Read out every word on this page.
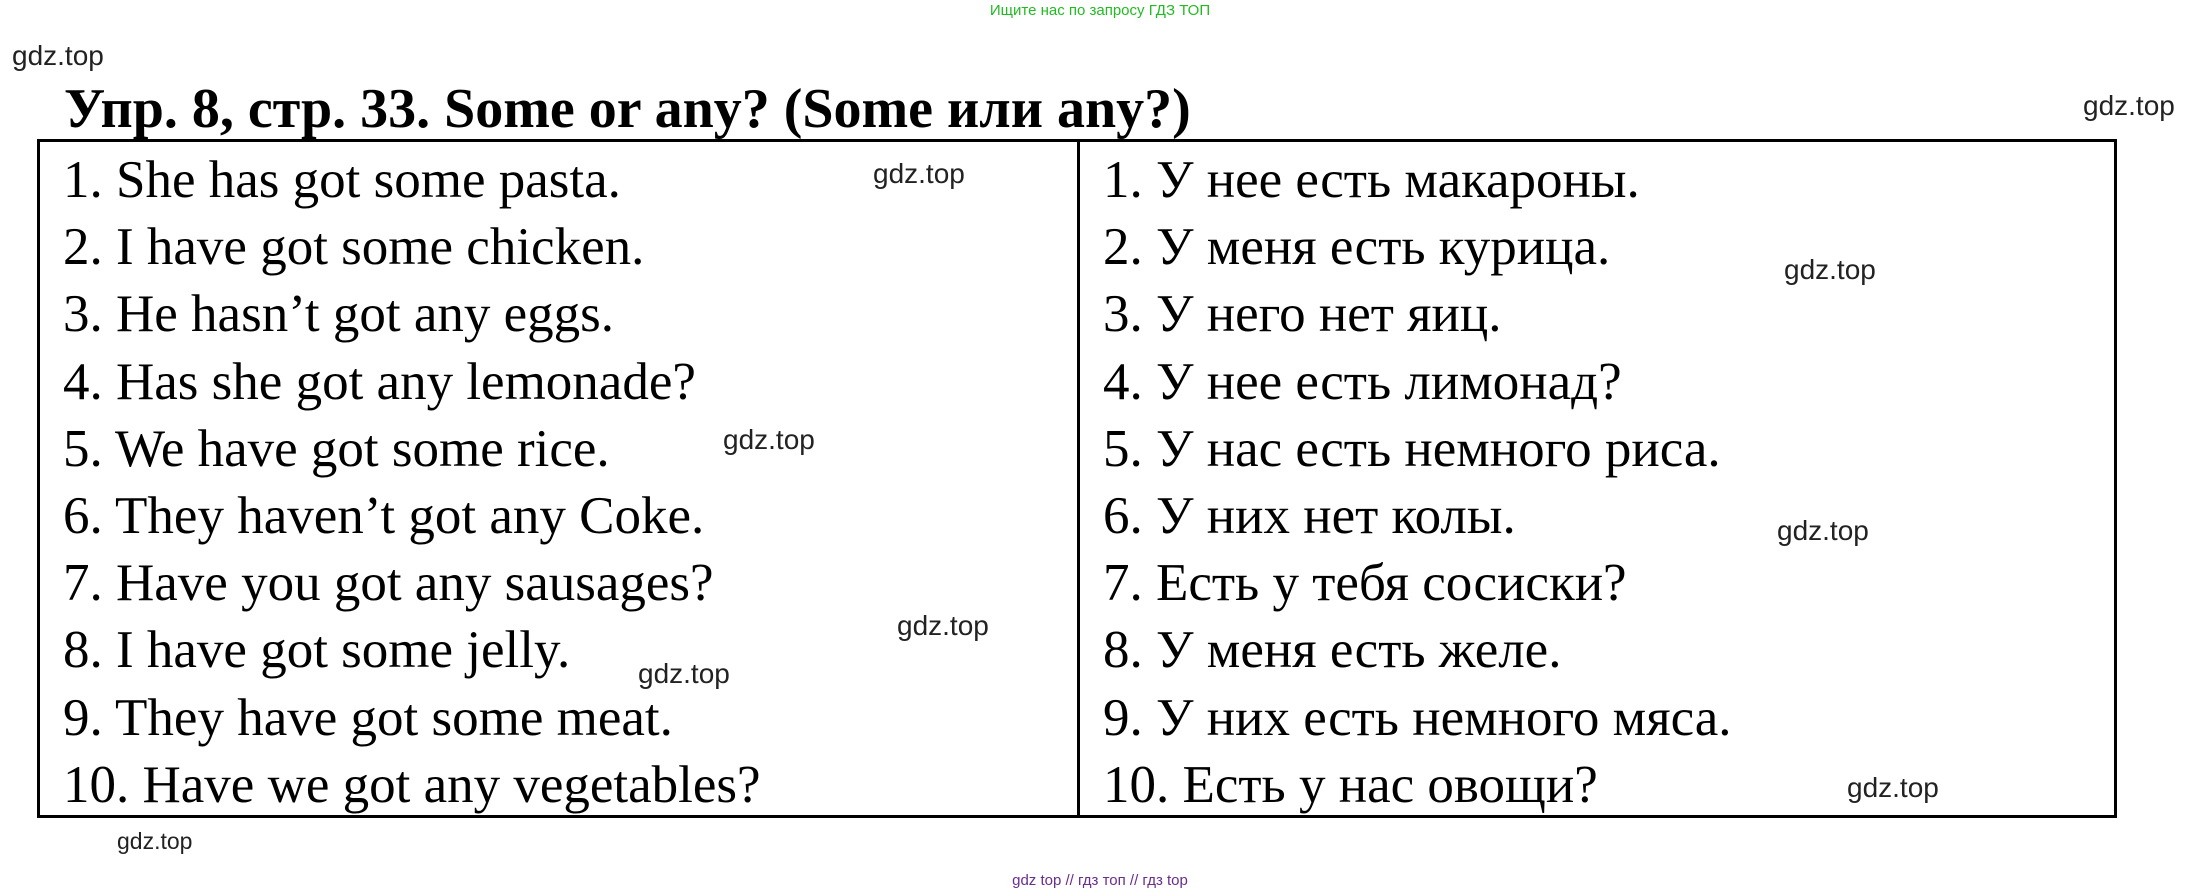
Ищите нас по запросу ГДЗ ТОП
Упр. 8, стр. 33. Some or any? (Some или any?)
1. She has got some pasta.
2. I have got some chicken.
3. He hasn’t got any eggs.
4. Has she got any lemonade?
5. We have got some rice.
6. They haven’t got any Coke.
7. Have you got any sausages?
8. I have got some jelly.
9. They have got some meat.
10. Have we got any vegetables?
1. У нее есть макароны.
2. У меня есть курица.
3. У него нет яиц.
4. У нее есть лимонад?
5. У нас есть немного риса.
6. У них нет колы.
7. Есть у тебя сосиски?
8. У меня есть желе.
9. У них есть немного мяса.
10. Есть у нас овощи?
gdz.top
gdz.top
gdz.top
gdz.top
gdz.top
gdz.top
gdz.top
gdz.top
gdz.top
gdz.top
gdz top // гдз топ // гдз top
